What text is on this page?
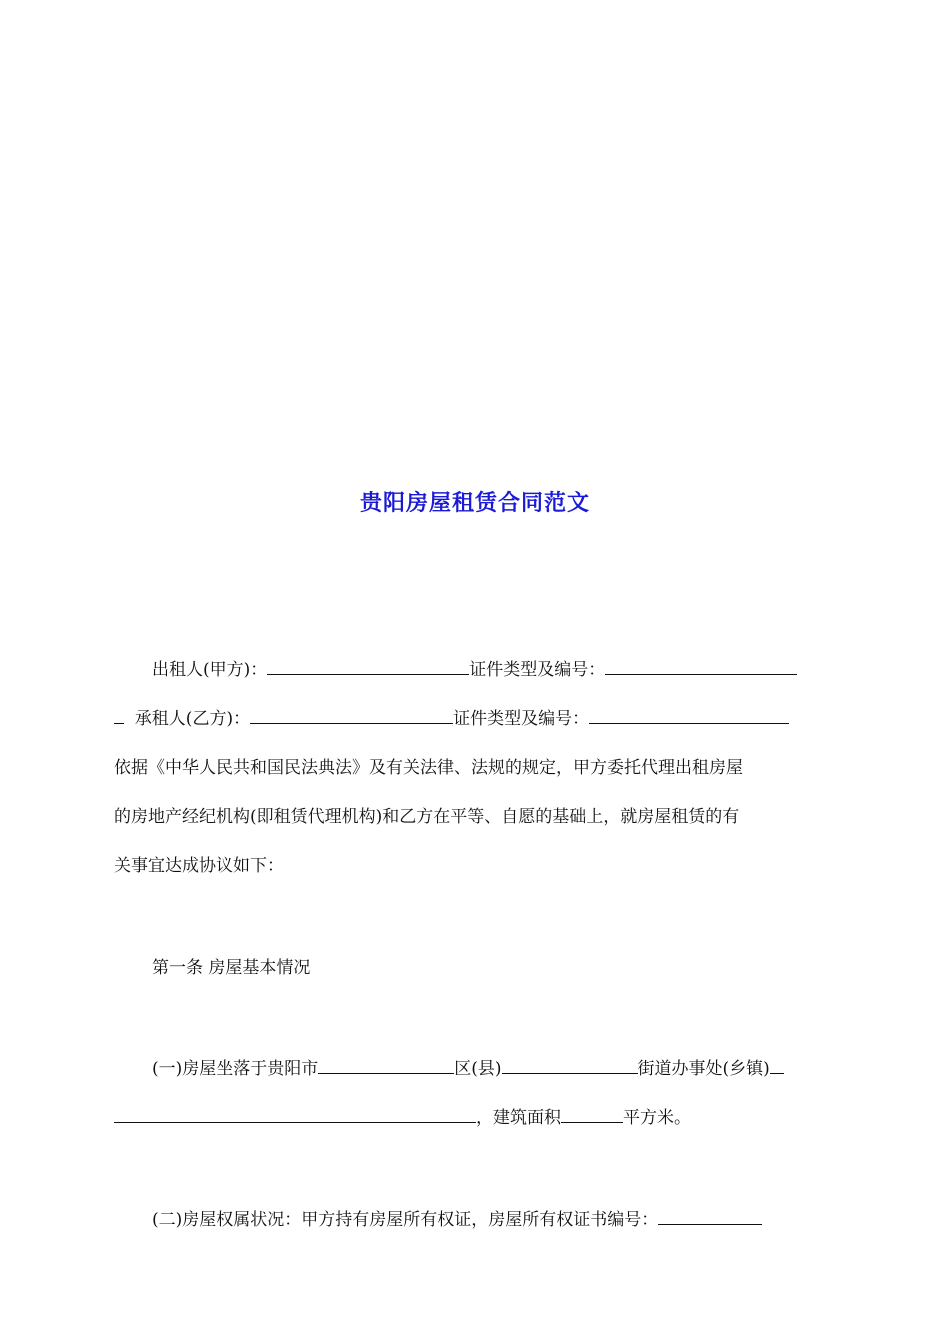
贵阳房屋租赁合同范文
出租人(甲方)：	证件类型及编号：
承租人(乙方)：	证件类型及编号：
依据《中华人民共和国民法典法》及有关法律、法规的规定，甲方委托代理出租房屋
的房地产经纪机构(即租赁代理机构)和乙方在平等、自愿的基础上，就房屋租赁的有
关事宜达成协议如下：
第一条 房屋基本情况
(一)房屋坐落于贵阳市	区(县)	街道办事处(乡镇)
，建筑面积	平方米。
(二)房屋权属状况：甲方持有房屋所有权证，房屋所有权证书编号：
